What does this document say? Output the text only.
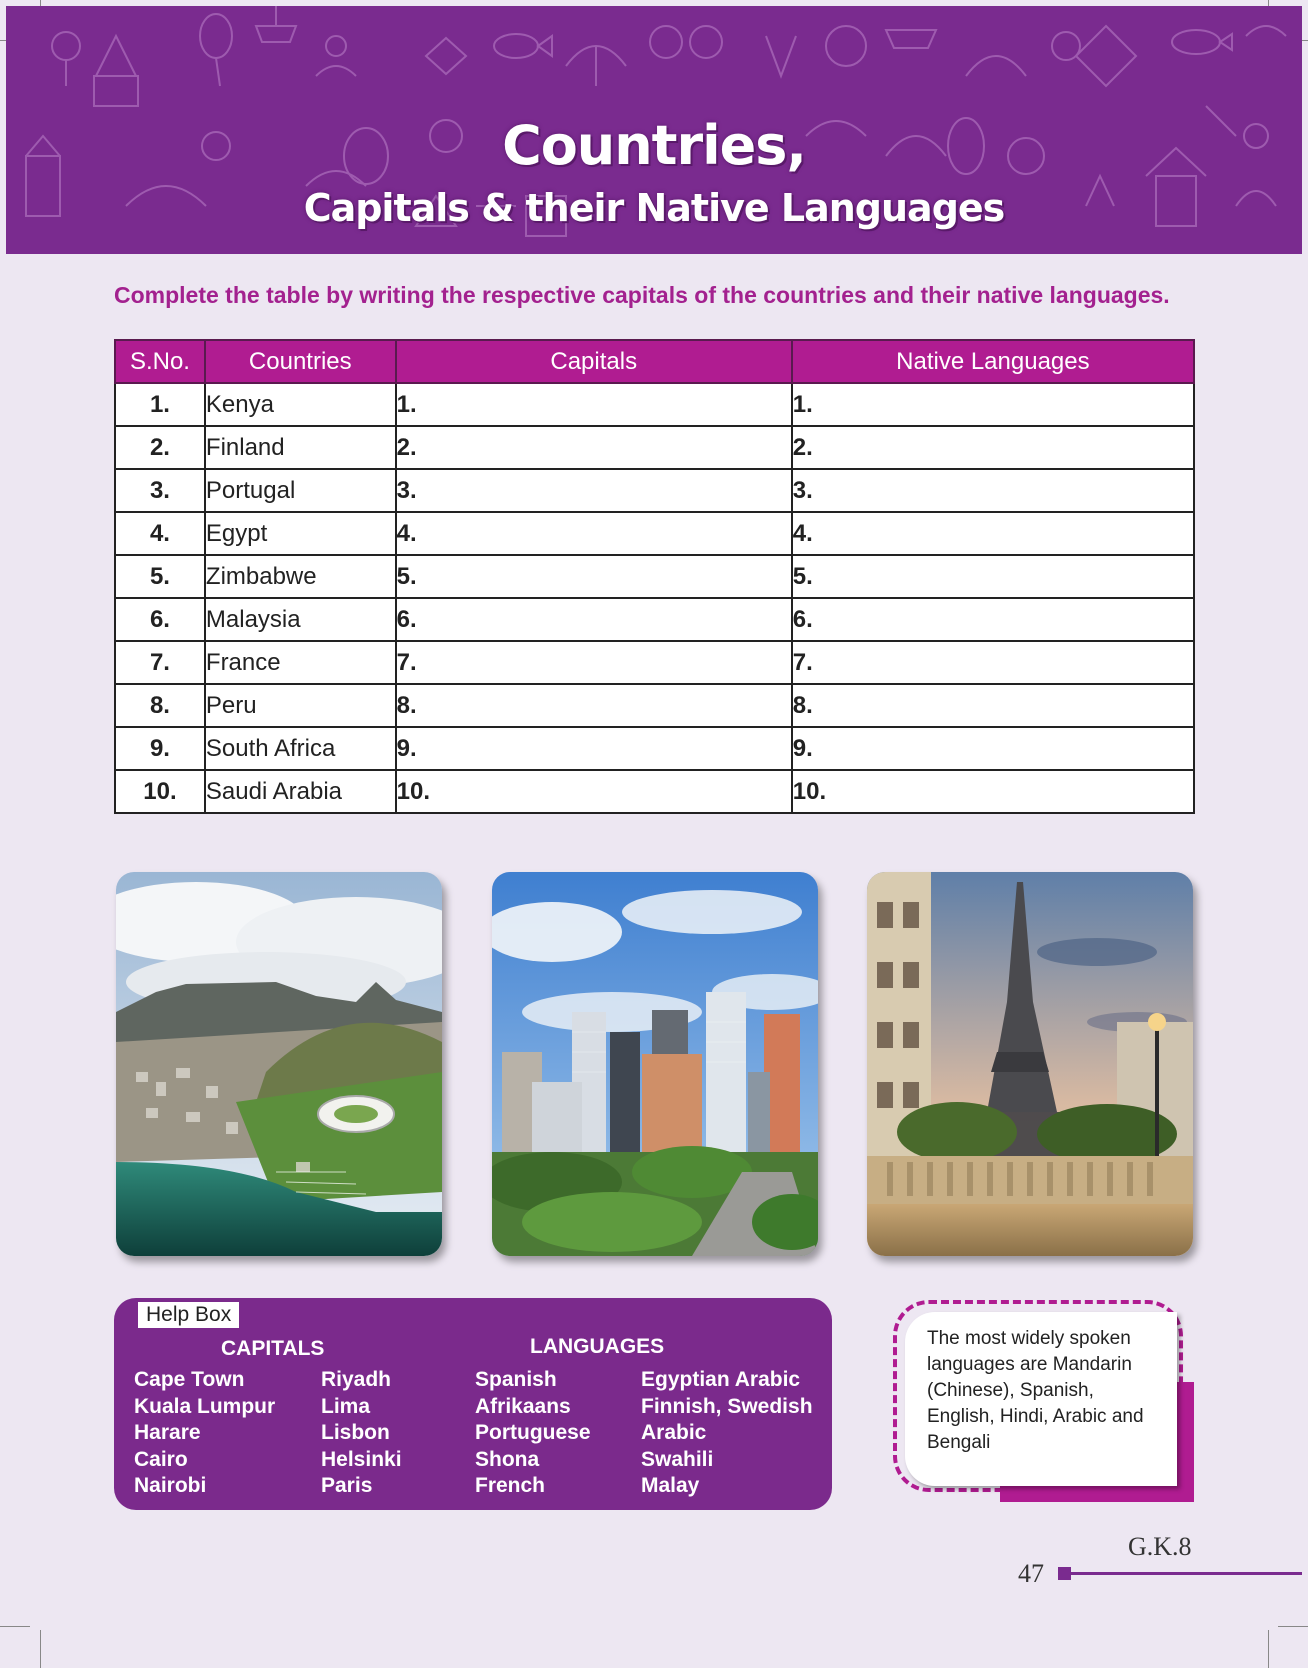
Countries,
Capitals & their Native Languages
Complete the table by writing the respective capitals of the countries and their native languages.
S.No.	Countries	Capitals	Native Languages
1.	Kenya	1.	1.
2.	Finland	2.	2.
3.	Portugal	3.	3.
4.	Egypt	4.	4.
5.	Zimbabwe	5.	5.
6.	Malaysia	6.	6.
7.	France	7.	7.
8.	Peru	8.	8.
9.	South Africa	9.	9.
10.	Saudi Arabia	10.	10.
Help Box
CAPITALS	LANGUAGES
Cape Town
Kuala Lumpur
Harare
Cairo
Nairobi
Riyadh
Lima
Lisbon
Helsinki
Paris
Spanish
Afrikaans
Portuguese
Shona
French
Egyptian Arabic
Finnish, Swedish
Arabic
Swahili
Malay
The most widely spoken languages are Mandarin (Chinese), Spanish, English, Hindi, Arabic and Bengali
G.K.8
47
